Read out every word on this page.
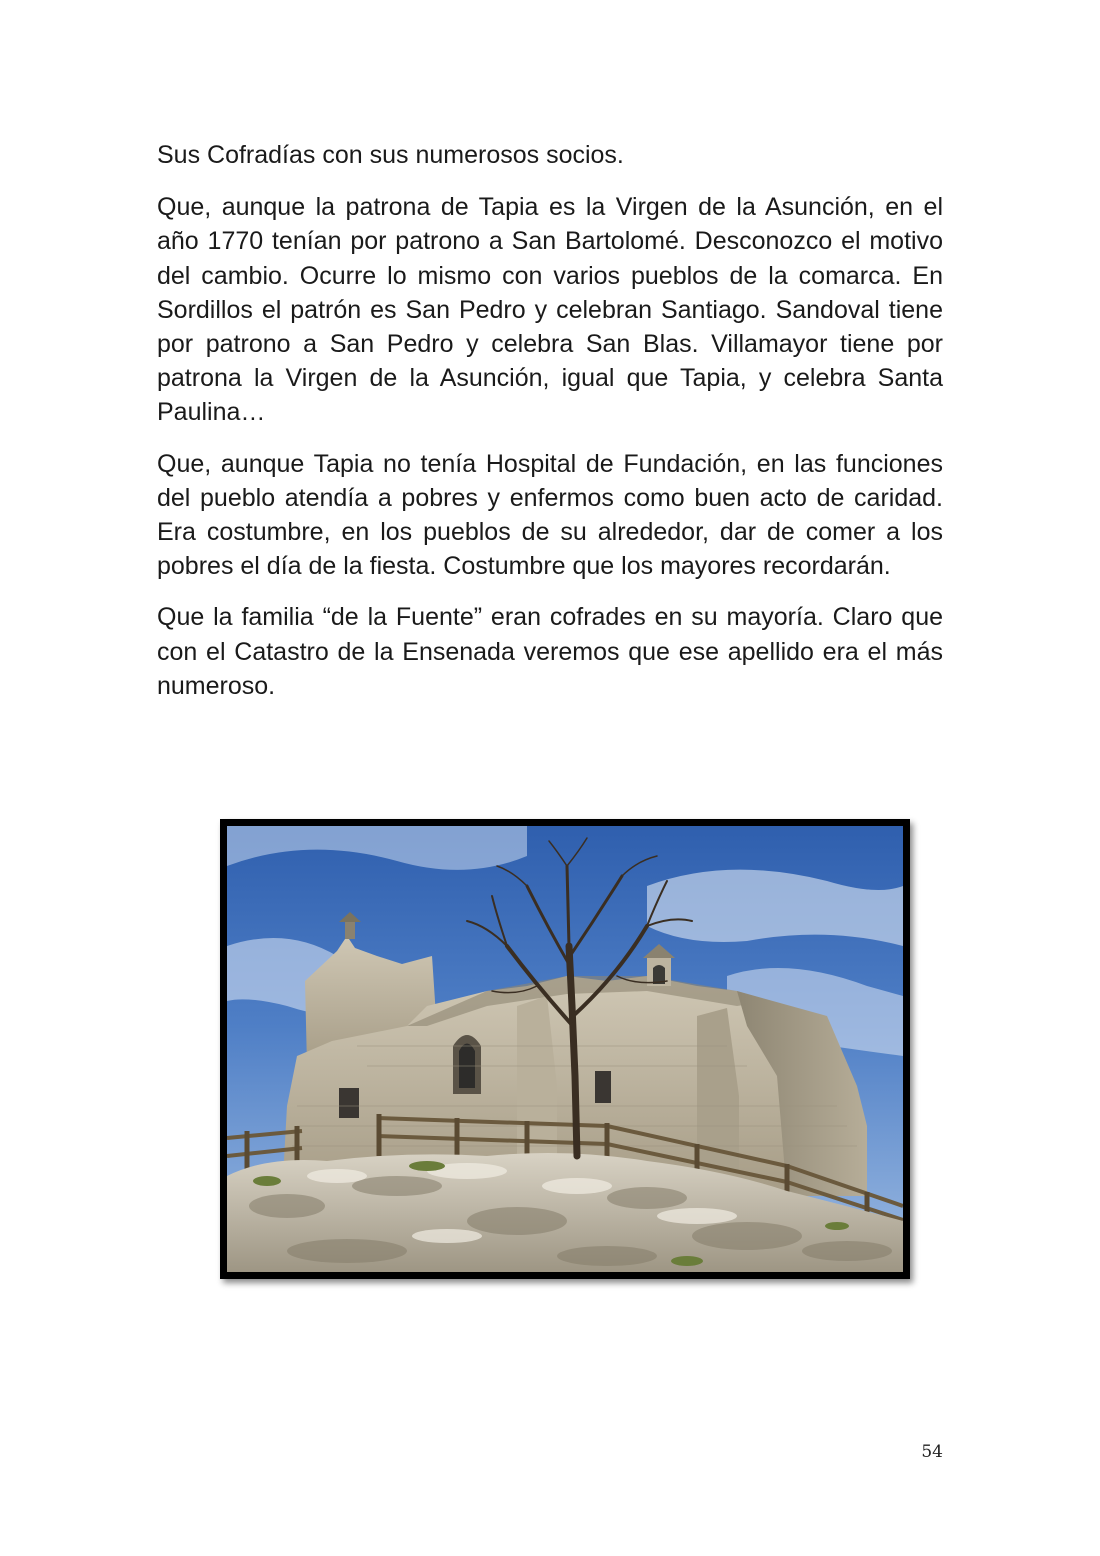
Sus Cofradías con sus numerosos socios.

Que, aunque la patrona de Tapia es la Virgen de la Asunción, en el año 1770 tenían por patrono a San Bartolomé. Desconozco el motivo del cambio. Ocurre lo mismo con varios pueblos de la comarca. En Sordillos el patrón es San Pedro y celebran Santiago. Sandoval tiene por patrono a San Pedro y celebra San Blas. Villamayor tiene por patrona la Virgen de la Asunción, igual que Tapia, y celebra Santa Paulina…

Que, aunque Tapia no tenía Hospital de Fundación, en las funciones del pueblo atendía a pobres y enfermos como buen acto de caridad. Era costumbre, en los pueblos de su alrededor, dar de comer a los pobres el día de la fiesta. Costumbre que los mayores recordarán.

Que la familia “de la Fuente” eran cofrades en su mayoría. Claro que con el Catastro de la Ensenada veremos que ese apellido era el más numeroso.

54
